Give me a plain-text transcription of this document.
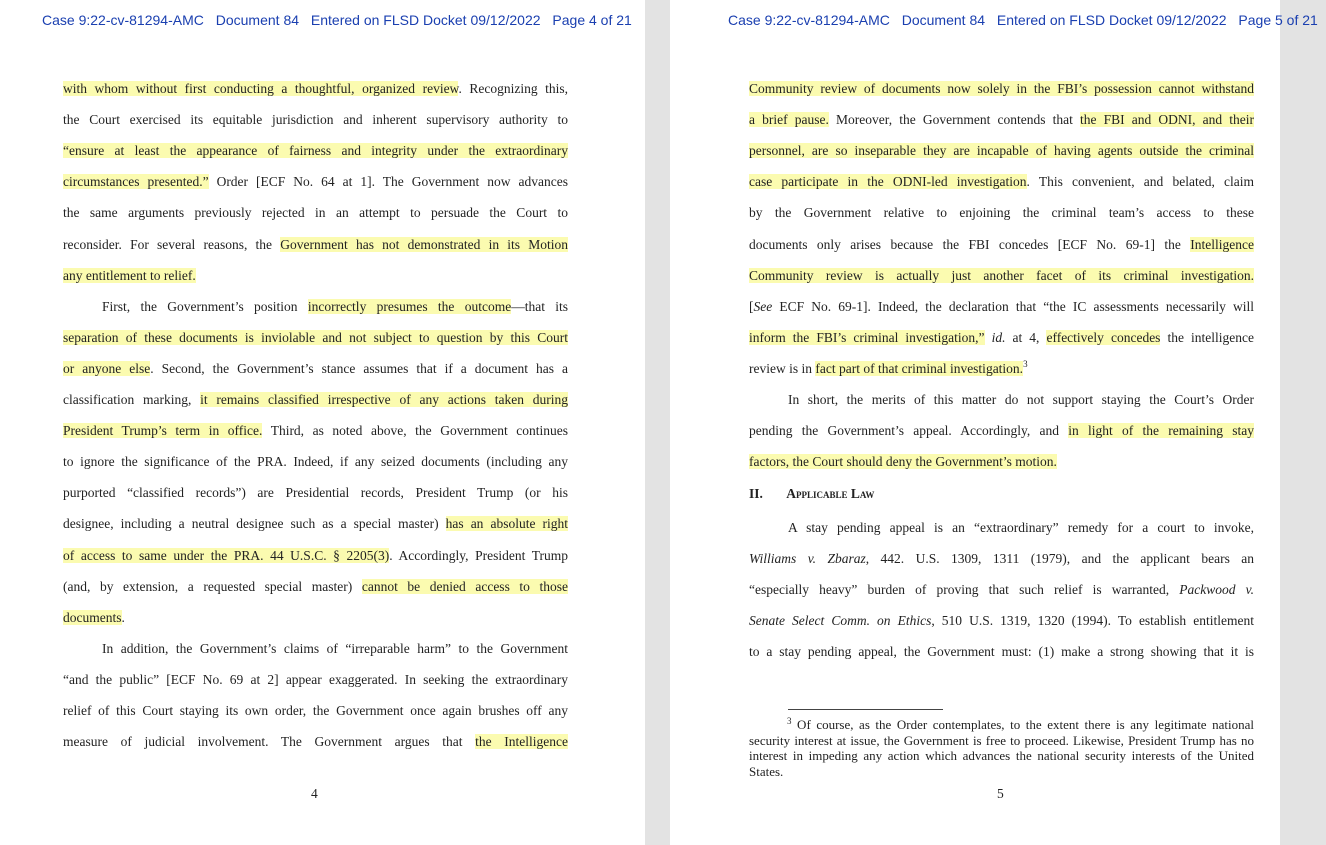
Case 9:22-cv-81294-AMC Document 84 Entered on FLSD Docket 09/12/2022 Page 4 of 21
with whom without first conducting a thoughtful, organized review. Recognizing this,
the Court exercised its equitable jurisdiction and inherent supervisory authority to
“ensure at least the appearance of fairness and integrity under the extraordinary
circumstances presented.” Order [ECF No. 64 at 1]. The Government now advances
the same arguments previously rejected in an attempt to persuade the Court to
reconsider. For several reasons, the Government has not demonstrated in its Motion
any entitlement to relief.
First, the Government’s position incorrectly presumes the outcome—that its
separation of these documents is inviolable and not subject to question by this Court
or anyone else. Second, the Government’s stance assumes that if a document has a
classification marking, it remains classified irrespective of any actions taken during
President Trump’s term in office. Third, as noted above, the Government continues
to ignore the significance of the PRA. Indeed, if any seized documents (including any
purported “classified records”) are Presidential records, President Trump (or his
designee, including a neutral designee such as a special master) has an absolute right
of access to same under the PRA. 44 U.S.C. § 2205(3). Accordingly, President Trump
(and, by extension, a requested special master) cannot be denied access to those
documents.
In addition, the Government’s claims of “irreparable harm” to the Government
“and the public” [ECF No. 69 at 2] appear exaggerated. In seeking the extraordinary
relief of this Court staying its own order, the Government once again brushes off any
measure of judicial involvement. The Government argues that the Intelligence
4
Case 9:22-cv-81294-AMC Document 84 Entered on FLSD Docket 09/12/2022 Page 5 of 21
Community review of documents now solely in the FBI’s possession cannot withstand
a brief pause. Moreover, the Government contends that the FBI and ODNI, and their
personnel, are so inseparable they are incapable of having agents outside the criminal
case participate in the ODNI-led investigation. This convenient, and belated, claim
by the Government relative to enjoining the criminal team’s access to these
documents only arises because the FBI concedes [ECF No. 69-1] the Intelligence
Community review is actually just another facet of its criminal investigation.
[See ECF No. 69-1]. Indeed, the declaration that “the IC assessments necessarily will
inform the FBI’s criminal investigation,” id. at 4, effectively concedes the intelligence
review is in fact part of that criminal investigation.$^3$
In short, the merits of this matter do not support staying the Court’s Order
pending the Government’s appeal. Accordingly, and in light of the remaining stay
factors, the Court should deny the Government’s motion.
II. Applicable Law
A stay pending appeal is an “extraordinary” remedy for a court to invoke,
Williams v. Zbaraz, 442. U.S. 1309, 1311 (1979), and the applicant bears an
“especially heavy” burden of proving that such relief is warranted, Packwood v.
Senate Select Comm. on Ethics, 510 U.S. 1319, 1320 (1994). To establish entitlement
to a stay pending appeal, the Government must: (1) make a strong showing that it is
$^3$ Of course, as the Order contemplates, to the extent there is any legitimate national security interest at issue, the Government is free to proceed. Likewise, President Trump has no interest in impeding any action which advances the national security interests of the United States.
5
